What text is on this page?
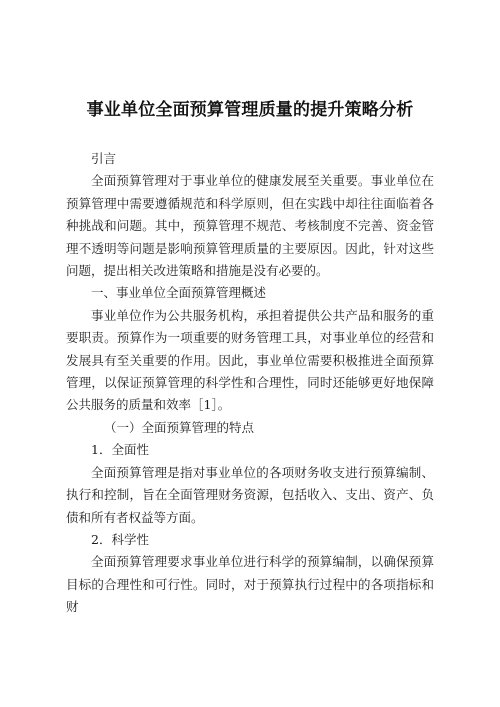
事业单位全面预算管理质量的提升策略分析

引言

全面预算管理对于事业单位的健康发展至关重要。事业单位在预算管理中需要遵循规范和科学原则，但在实践中却往往面临着各种挑战和问题。其中，预算管理不规范、考核制度不完善、资金管理不透明等问题是影响预算管理质量的主要原因。因此，针对这些问题，提出相关改进策略和措施是没有必要的。

一、事业单位全面预算管理概述

事业单位作为公共服务机构，承担着提供公共产品和服务的重要职责。预算作为一项重要的财务管理工具，对事业单位的经营和发展具有至关重要的作用。因此，事业单位需要积极推进全面预算管理，以保证预算管理的科学性和合理性，同时还能够更好地保障公共服务的质量和效率［1］。

（一）全面预算管理的特点

1．全面性

全面预算管理是指对事业单位的各项财务收支进行预算编制、执行和控制，旨在全面管理财务资源，包括收入、支出、资产、负债和所有者权益等方面。

2．科学性

全面预算管理要求事业单位进行科学的预算编制，以确保预算目标的合理性和可行性。同时，对于预算执行过程中的各项指标和财
